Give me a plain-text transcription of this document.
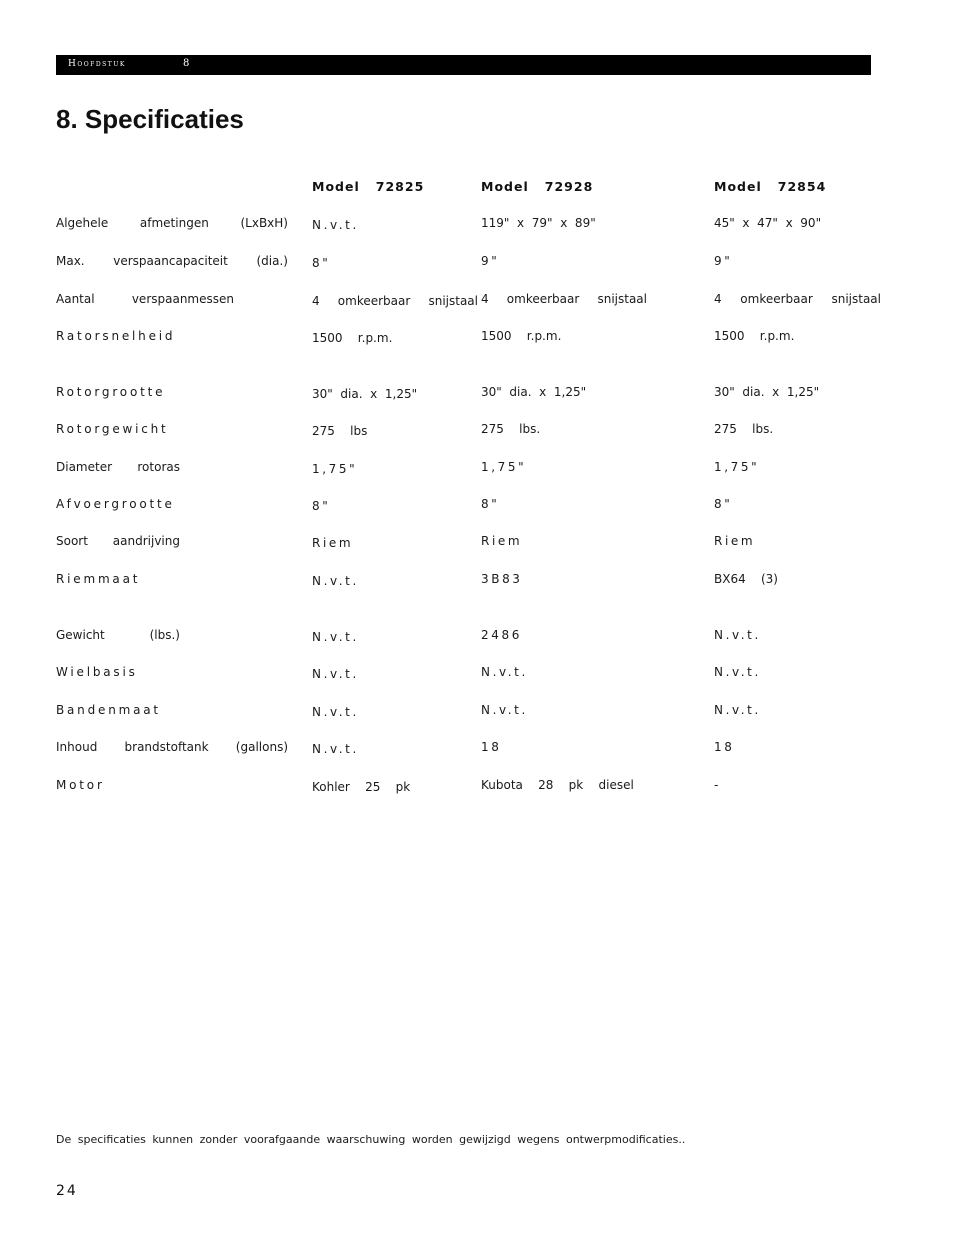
Hoofdstuk	8
8. Specificaties
Model   72825	Model   72928	Model   72854
Algehele	afmetingen	(LxBxH) N.v.t.	119"  x  79"  x  89"	45"  x  47"  x  90"
Max. verspaancapaciteit (dia.) 8"	9"	9"
Aantal	verspaanmessen	4 omkeerbaar snijstaal 4 omkeerbaar snijstaal	4 omkeerbaar snijstaal
Ratorsnelheid	1500    r.p.m.	1500    r.p.m.	1500    r.p.m.
Rotorgrootte	30"  dia.  x  1,25"	30"  dia.  x  1,25"	30"  dia.  x  1,25"
Rotorgewicht	275    lbs	275    lbs.	275    lbs.
Diameter rotoras	1,75"	1,75"	1,75"
Afvoergrootte	8"	8"	8"
Soort aandrijving	Riem	Riem	Riem
Riemmaat	N.v.t.	3B83	BX64    (3)
Gewicht	(lbs.)	N.v.t.	2486	N.v.t.
Wielbasis	N.v.t.	N.v.t.	N.v.t.
Bandenmaat	N.v.t.	N.v.t.	N.v.t.
Inhoud brandstoftank (gallons) N.v.t.	18	18
Motor	Kohler    25    pk	Kubota    28    pk    diesel	-
De specificaties kunnen zonder voorafgaande waarschuwing worden gewijzigd wegens ontwerpmodificaties..
24
